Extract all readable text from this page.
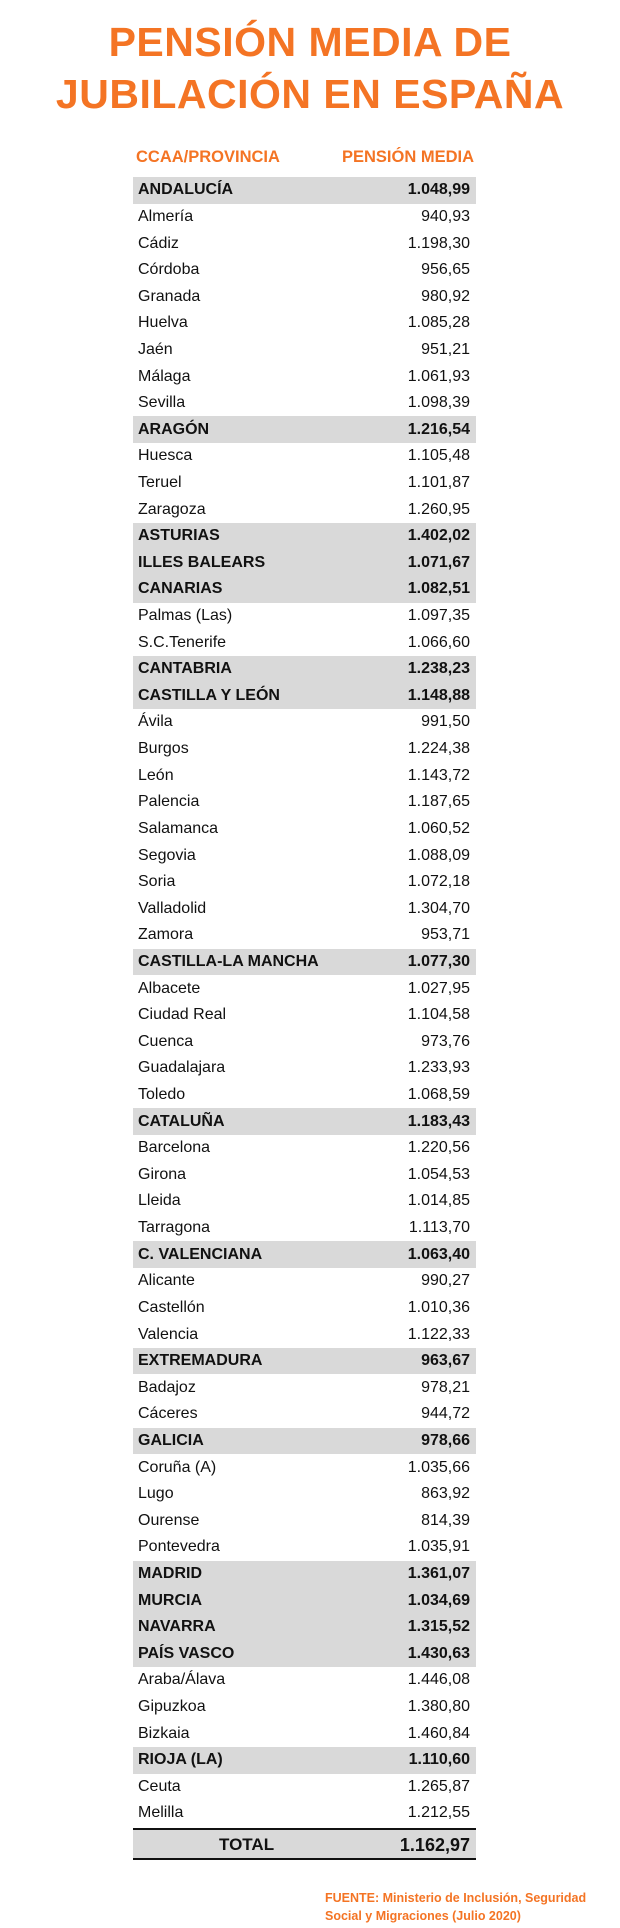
PENSIÓN MEDIA DE
JUBILACIÓN EN ESPAÑA
CCAA/PROVINCIA	PENSIÓN MEDIA
ANDALUCÍA	1.048,99
Almería	940,93
Cádiz	1.198,30
Córdoba	956,65
Granada	980,92
Huelva	1.085,28
Jaén	951,21
Málaga	1.061,93
Sevilla	1.098,39
ARAGÓN	1.216,54
Huesca	1.105,48
Teruel	1.101,87
Zaragoza	1.260,95
ASTURIAS	1.402,02
ILLES BALEARS	1.071,67
CANARIAS	1.082,51
Palmas (Las)	1.097,35
S.C.Tenerife	1.066,60
CANTABRIA	1.238,23
CASTILLA Y LEÓN	1.148,88
Ávila	991,50
Burgos	1.224,38
León	1.143,72
Palencia	1.187,65
Salamanca	1.060,52
Segovia	1.088,09
Soria	1.072,18
Valladolid	1.304,70
Zamora	953,71
CASTILLA-LA MANCHA	1.077,30
Albacete	1.027,95
Ciudad Real	1.104,58
Cuenca	973,76
Guadalajara	1.233,93
Toledo	1.068,59
CATALUÑA	1.183,43
Barcelona	1.220,56
Girona	1.054,53
Lleida	1.014,85
Tarragona	1.113,70
C. VALENCIANA	1.063,40
Alicante	990,27
Castellón	1.010,36
Valencia	1.122,33
EXTREMADURA	963,67
Badajoz	978,21
Cáceres	944,72
GALICIA	978,66
Coruña (A)	1.035,66
Lugo	863,92
Ourense	814,39
Pontevedra	1.035,91
MADRID	1.361,07
MURCIA	1.034,69
NAVARRA	1.315,52
PAÍS VASCO	1.430,63
Araba/Álava	1.446,08
Gipuzkoa	1.380,80
Bizkaia	1.460,84
RIOJA (LA)	1.110,60
Ceuta	1.265,87
Melilla	1.212,55
TOTAL	1.162,97
FUENTE: Ministerio de Inclusión, Seguridad Social y Migraciones (Julio 2020)
